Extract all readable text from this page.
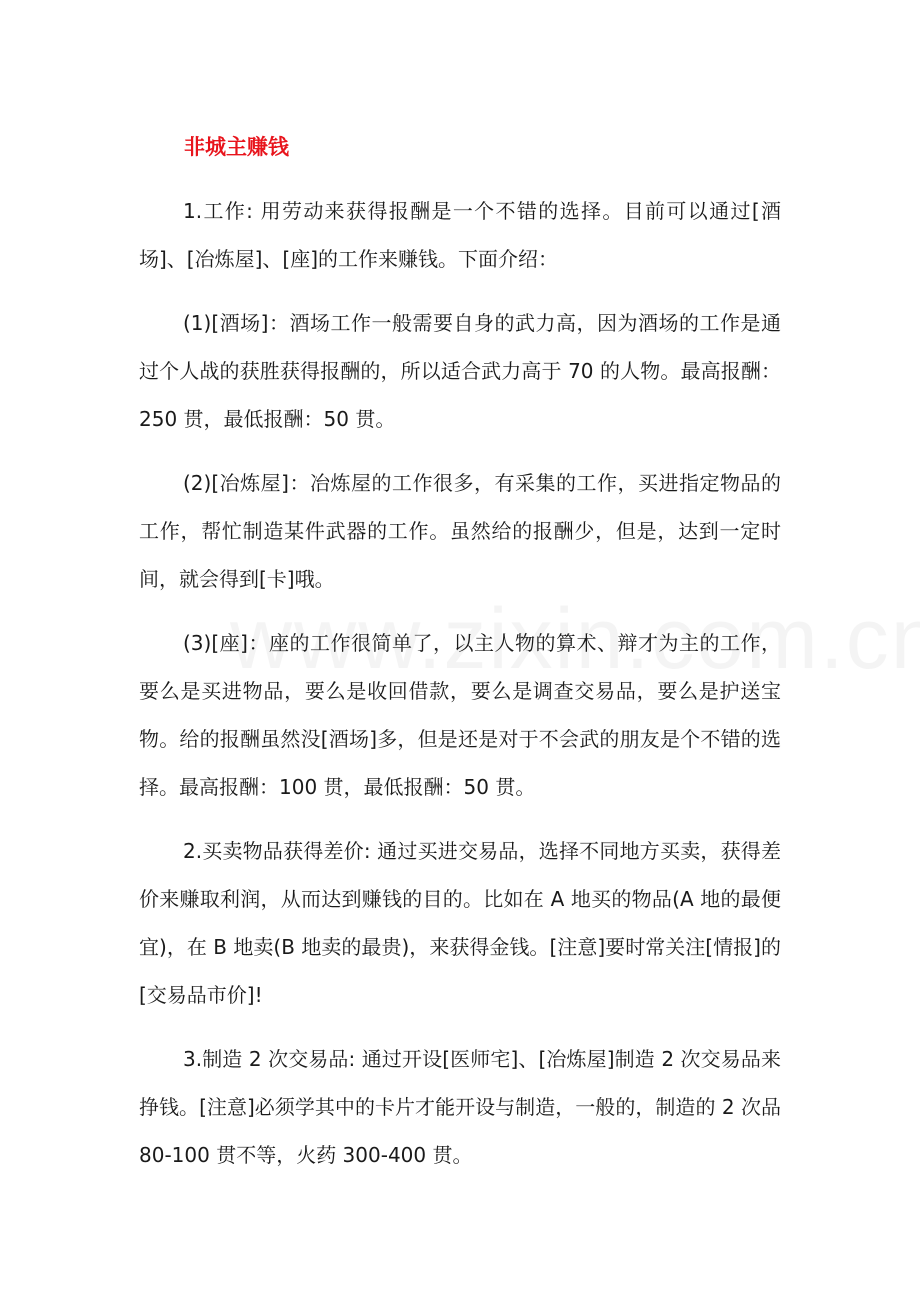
非城主赚钱

1.工作: 用劳动来获得报酬是一个不错的选择。目前可以通过[酒场]、[冶炼屋]、[座]的工作来赚钱。下面介绍：

(1)[酒场]：酒场工作一般需要自身的武力高，因为酒场的工作是通过个人战的获胜获得报酬的，所以适合武力高于 70 的人物。最高报酬：250 贯，最低报酬：50 贯。

(2)[冶炼屋]：冶炼屋的工作很多，有采集的工作，买进指定物品的工作，帮忙制造某件武器的工作。虽然给的报酬少，但是，达到一定时间，就会得到[卡]哦。

(3)[座]：座的工作很简单了，以主人物的算术、辩才为主的工作，要么是买进物品，要么是收回借款，要么是调查交易品，要么是护送宝物。给的报酬虽然没[酒场]多，但是还是对于不会武的朋友是个不错的选择。最高报酬：100 贯，最低报酬：50 贯。

2.买卖物品获得差价: 通过买进交易品，选择不同地方买卖，获得差价来赚取利润，从而达到赚钱的目的。比如在 A 地买的物品(A 地的最便宜)，在 B 地卖(B 地卖的最贵)，来获得金钱。[注意]要时常关注[情报]的[交易品市价]!

3.制造 2 次交易品: 通过开设[医师宅]、[冶炼屋]制造 2 次交易品来挣钱。[注意]必须学其中的卡片才能开设与制造，一般的，制造的 2 次品 80-100 贯不等，火药 300-400 贯。
